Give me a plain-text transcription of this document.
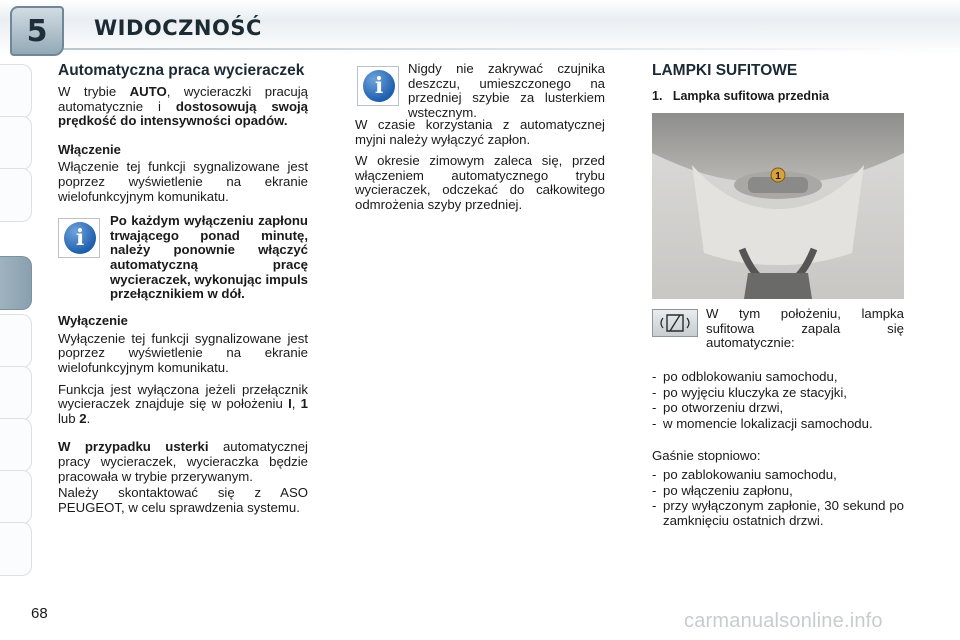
5 WIDOCZNOŚĆ
Automatyczna praca wycieraczek

W trybie AUTO, wycieraczki pracują automatycznie i dostosowują swoją prędkość do intensywności opadów.

Włączenie

Włączenie tej funkcji sygnalizowane jest poprzez wyświetlenie na ekranie wielofunkcyjnym komunikatu.

i

Po każdym wyłączeniu zapłonu trwającego ponad minutę, należy ponownie włączyć automatyczną pracę wycieraczek, wykonując impuls przełącznikiem w dół.

Wyłączenie

Wyłączenie tej funkcji sygnalizowane jest poprzez wyświetlenie na ekranie wielofunkcyjnym komunikatu.

Funkcja jest wyłączona jeżeli przełącznik wycieraczek znajduje się w położeniu I, 1 lub 2.

W przypadku usterki automatycznej pracy wycieraczek, wycieraczka będzie pracowała w trybie przerywanym.

Należy skontaktować się z ASO PEUGEOT, w celu sprawdzenia systemu.

i

Nigdy nie zakrywać czujnika deszczu, umieszczonego na przedniej szybie za lusterkiem wstecznym.

W czasie korzystania z automatycznej myjni należy wyłączyć zapłon.

W okresie zimowym zaleca się, przed włączeniem automatycznego trybu wycieraczek, odczekać do całkowitego odmrożenia szyby przedniej.

LAMPKI SUFITOWE
1.   Lampka sufitowa przednia
1

W tym położeniu, lampka sufitowa zapala się automatycznie:

- po odblokowaniu samochodu,
- po wyjęciu kluczyka ze stacyjki,
- po otworzeniu drzwi,
- w momencie lokalizacji samochodu.

Gaśnie stopniowo:

- po zablokowaniu samochodu,
- po włączeniu zapłonu,
- przy wyłączonym zapłonie, 30 sekund po zamknięciu ostatnich drzwi.
68	carmanualsonline.info
